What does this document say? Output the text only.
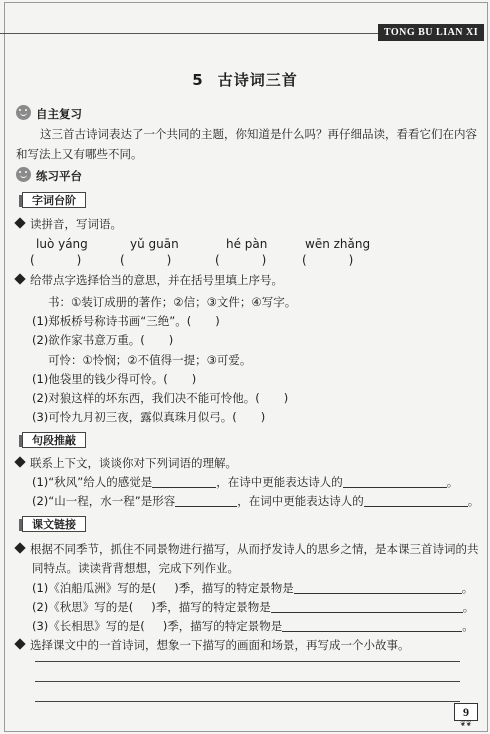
TONG BU LIAN XI
5 古诗词三首
自主复习
这三首古诗词表达了一个共同的主题，你知道是什么吗？再仔细品读，看看它们在内容
和写法上又有哪些不同。
练习平台
字词台阶
读拼音，写词语。
luò yáng	yǔ guān	hé pàn	wēn zhǎng
(           )	(           )	(           )	(           )
给带点字选择恰当的意思，并在括号里填上序号。
书：①装订成册的著作；②信；③文件；④写字。
(1)郑板桥号称诗书画“三绝”。( )
(2)欲作家书意万重。( )
可怜：①怜悯；②不值得一提；③可爱。
(1)他袋里的钱少得可怜。( )
(2)对狼这样的坏东西，我们决不能可怜他。( )
(3)可怜九月初三夜，露似真珠月似弓。( )
句段推敲
联系上下文，谈谈你对下列词语的理解。
(1)“秋风”给人的感觉是	，在诗中更能表达诗人的	。
(2)“山一程，水一程”是形容	，在词中更能表达诗人的	。
课文链接
根据不同季节，抓住不同景物进行描写，从而抒发诗人的思乡之情，是本课三首诗词的共
同特点。读读背背想想，完成下列作业。
(1)《泊船瓜洲》写的是( )季，描写的特定景物是	。
(2)《秋思》写的是( )季，描写的特定景物是	。
(3)《长相思》写的是( )季，描写的特定景物是	。
选择课文中的一首诗词，想象一下描写的画面和场景，再写成一个小故事。
9
❦❦
